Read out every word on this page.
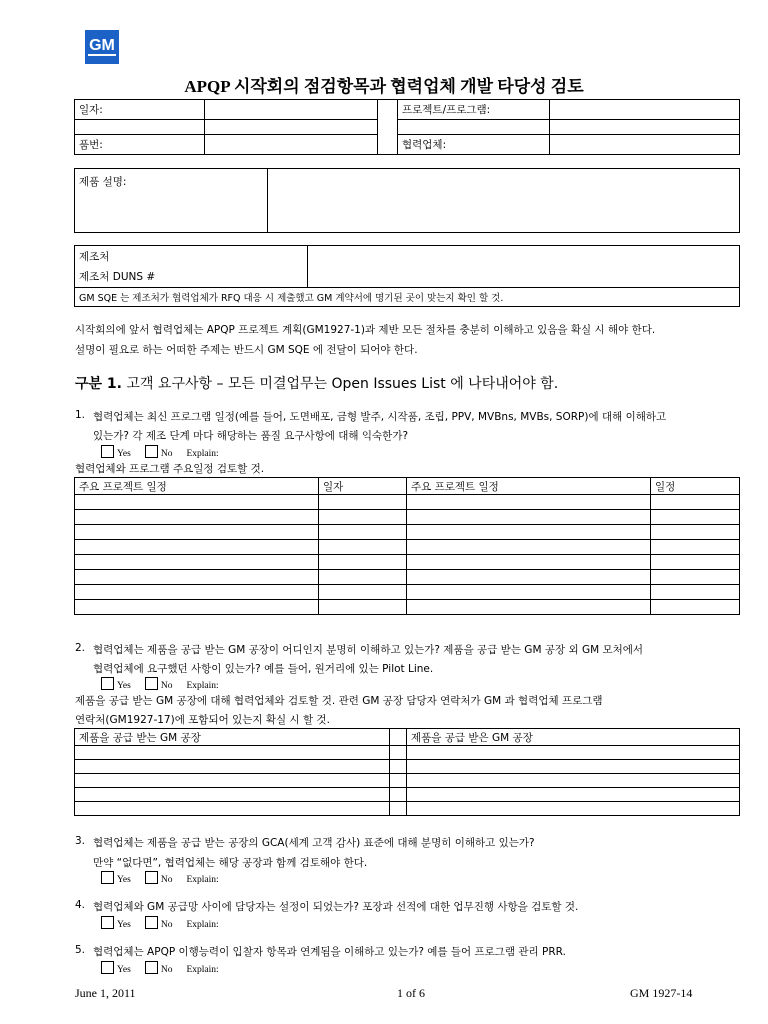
GM
APQP 시작회의 점검항목과 협력업체 개발 타당성 검토
일자:			프로젝트/프로그램:	

품번:			협력업체:	
제품 설명:	
제조처
제조처 DUNS #

GM SQE 는 제조처가 협력업체가 RFQ 대응 시 제출했고 GM 계약서에 명기된 곳이 맞는지 확인 할 것.
시작회의에 앞서 협력업체는 APQP 프로젝트 계획(GM1927-1)과 제반 모든 절차를 충분히 이해하고 있음을 확실 시 해야 한다.
설명이 필요로 하는 어떠한 주제는 반드시 GM SQE 에 전달이 되어야 한다.
구분 1. 고객 요구사항 – 모든 미결업무는 Open Issues List 에 나타내어야 함.
1. 협력업체는 최신 프로그램 일정(예를 들어, 도면배포, 금형 발주, 시작품, 조립, PPV, MVBns, MVBs, SORP)에 대해 이해하고
있는가? 각 제조 단계 마다 해당하는 품질 요구사항에 대해 익숙한가?
Yes	No Explain:
협력업체와 프로그램 주요일정 검토할 것.
주요 프로젝트 일정	일자	주요 프로젝트 일정	일정

2. 협력업체는 제품을 공급 받는 GM 공장이 어디인지 분명히 이해하고 있는가? 제품을 공급 받는 GM 공장 외 GM 모처에서
협력업체에 요구했던 사항이 있는가? 예를 들어, 원거리에 있는 Pilot Line.
Yes	No Explain:
제품을 공급 받는 GM 공장에 대해 협력업체와 검토할 것. 관련 GM 공장 담당자 연락처가 GM 과 협력업체 프로그램
연락처(GM1927-17)에 포함되어 있는지 확실 시 할 것.
제품을 공급 받는 GM 공장		제품을 공급 받은 GM 공장

3. 협력업체는 제품을 공급 받는 공장의 GCA(세계 고객 감사) 표준에 대해 분명히 이해하고 있는가?
만약 “없다면”, 협력업체는 해당 공장과 함께 검토해야 한다.
Yes	No Explain:
4. 협력업체와 GM 공급망 사이에 담당자는 설정이 되었는가? 포장과 선적에 대한 업무진행 사항을 검토할 것.
Yes	No Explain:
5. 협력업체는 APQP 이행능력이 입찰자 항목과 연계됨을 이해하고 있는가? 예를 들어 프로그램 관리 PRR.
Yes	No Explain:
June 1, 2011	1 of 6	GM 1927-14
